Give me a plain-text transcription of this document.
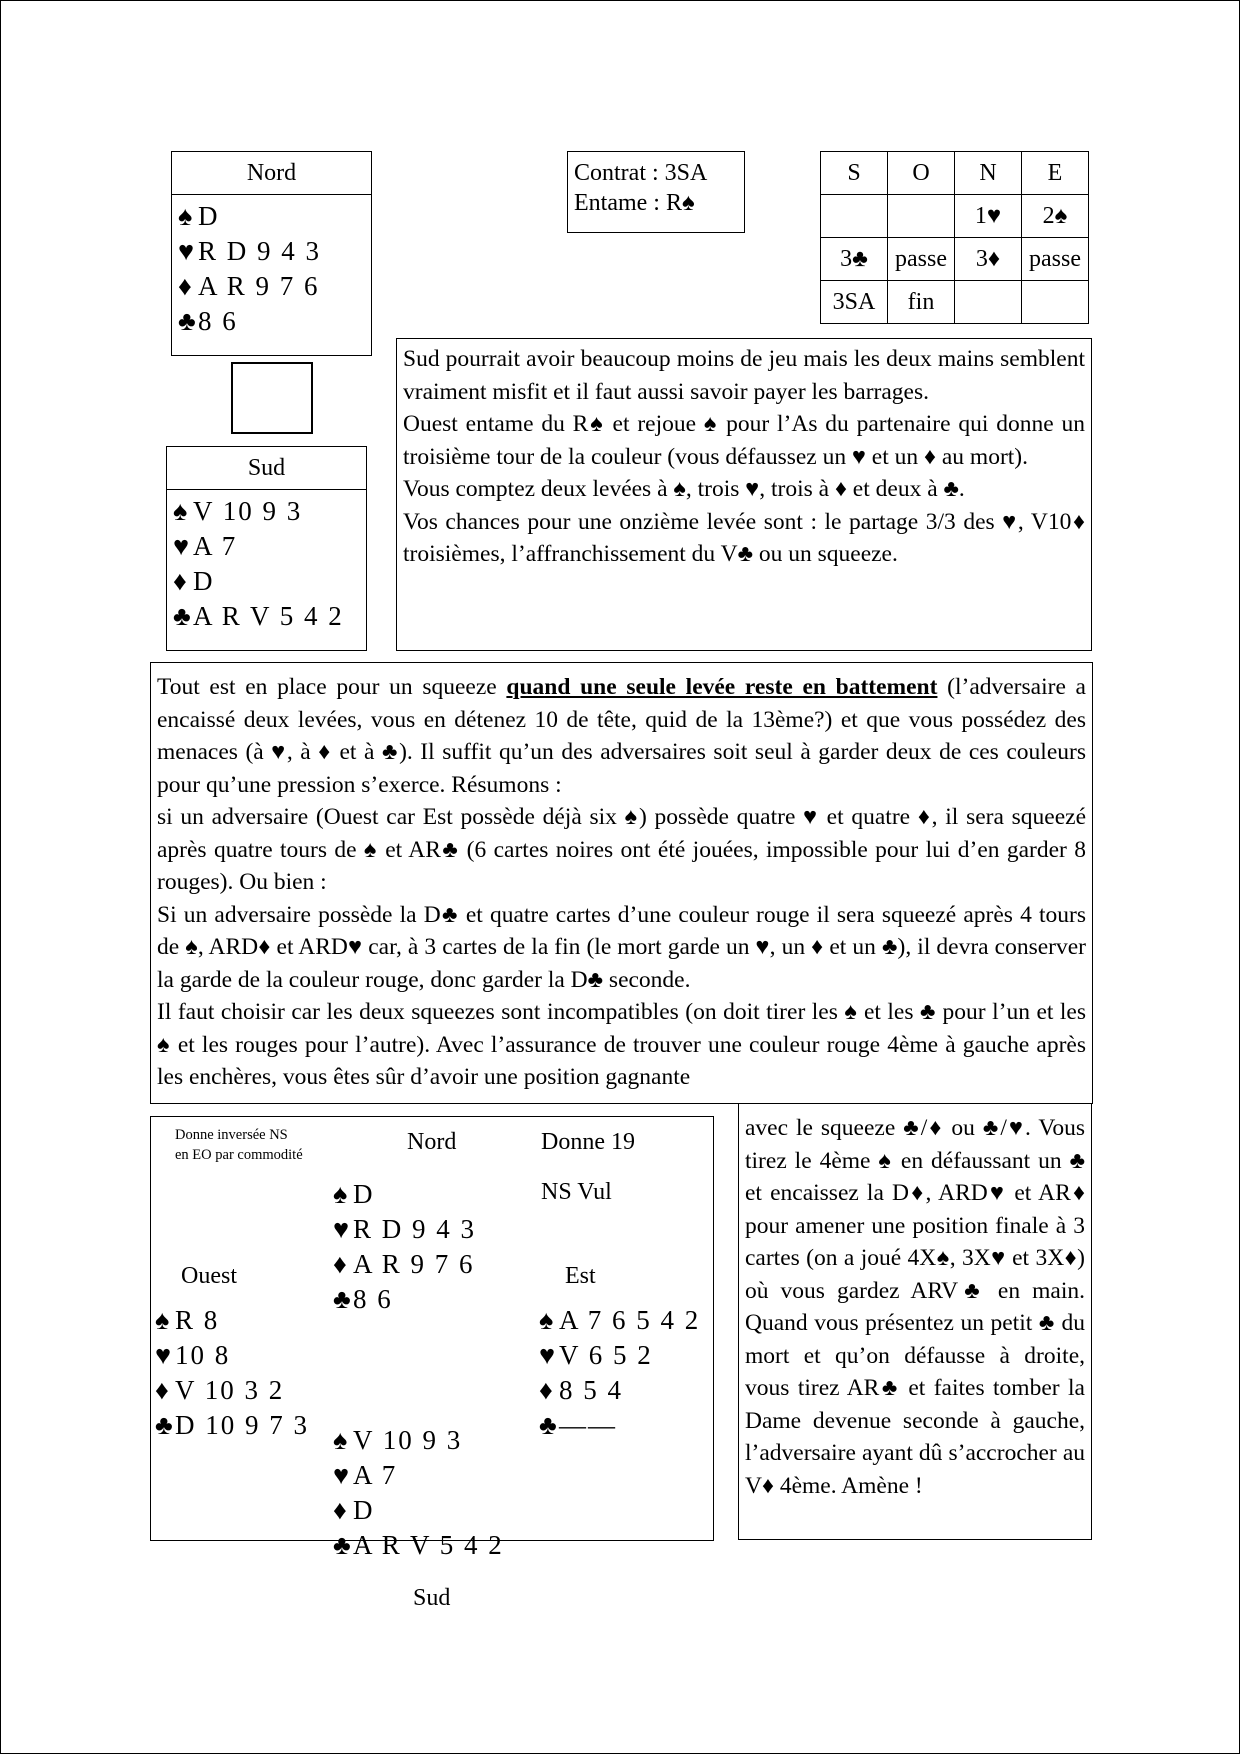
Nord
♠ D
♥R D 9 4 3
♦ A R 9 7 6
♣8 6
Sud
♠ V 10 9 3
♥A 7
♦ D
♣A R V 5 4 2
Contrat : 3SA
Entame : R♠
S	O	N	E
		1♥	2♠
3♣	passe	3♦	passe
3SA	fin		

Sud pourrait avoir beaucoup moins de jeu mais les deux mains semblent vraiment misfit et il faut aussi savoir payer les barrages.

Ouest entame du R♠ et rejoue ♠ pour l’As du partenaire qui donne un troisième tour de la couleur (vous défaussez un ♥ et un ♦ au mort).

Vous comptez deux levées à ♠, trois ♥, trois à ♦ et deux à ♣.

Vos chances pour une onzième levée sont : le partage 3/3 des ♥, V10♦ troisièmes, l’affranchissement du V♣ ou un squeeze.

Tout est en place pour un squeeze quand une seule levée reste en battement (l’adversaire a encaissé deux levées, vous en détenez 10 de tête, quid de la 13ème?) et que vous possédez des menaces (à ♥, à ♦ et à ♣). Il suffit qu’un des adversaires soit seul à garder deux de ces couleurs pour qu’une pression s’exerce. Résumons :

si un adversaire (Ouest car Est possède déjà six ♠) possède quatre ♥ et quatre ♦, il sera squeezé après quatre tours de ♠ et AR♣ (6 cartes noires ont été jouées, impossible pour lui d’en garder 8 rouges). Ou bien :

Si un adversaire possède la D♣ et quatre cartes d’une couleur rouge il sera squeezé après 4 tours de ♠, ARD♦ et ARD♥ car, à 3 cartes de la fin (le mort garde un ♥, un ♦ et un ♣), il devra conserver la garde de la couleur rouge, donc garder la D♣ seconde.

Il faut choisir car les deux squeezes sont incompatibles (on doit tirer les ♠ et les ♣ pour l’un et les ♠ et les rouges pour l’autre). Avec l’assurance de trouver une couleur rouge 4ème à gauche après les enchères, vous êtes sûr d’avoir une position gagnante

Donne inversée NS
en EO par commodité	Nord	Donne 19
NS Vul
Ouest	Est
Sud
♠ D
♥R D 9 4 3
♦ A R 9 7 6
♣8 6
♠ R 8
♥10 8
♦ V 10 3 2
♣D 10 9 7 3
♠ A 7 6 5 4 2
♥V 6 5 2
♦ 8 5 4
♣——
♠ V 10 9 3
♥A 7
♦ D
♣A R V 5 4 2

avec le squeeze ♣/♦ ou ♣/♥. Vous tirez le 4ème ♠ en défaussant un ♣ et encaissez la D♦, ARD♥ et AR♦ pour amener une position finale à 3 cartes (on a joué 4X♠, 3X♥ et 3X♦) où vous gardez ARV♣ en main. Quand vous présentez un petit ♣ du mort et qu’on défausse à droite, vous tirez AR♣ et faites tomber la Dame devenue seconde à gauche, l’adversaire ayant dû s’accrocher au V♦ 4ème. Amène !
